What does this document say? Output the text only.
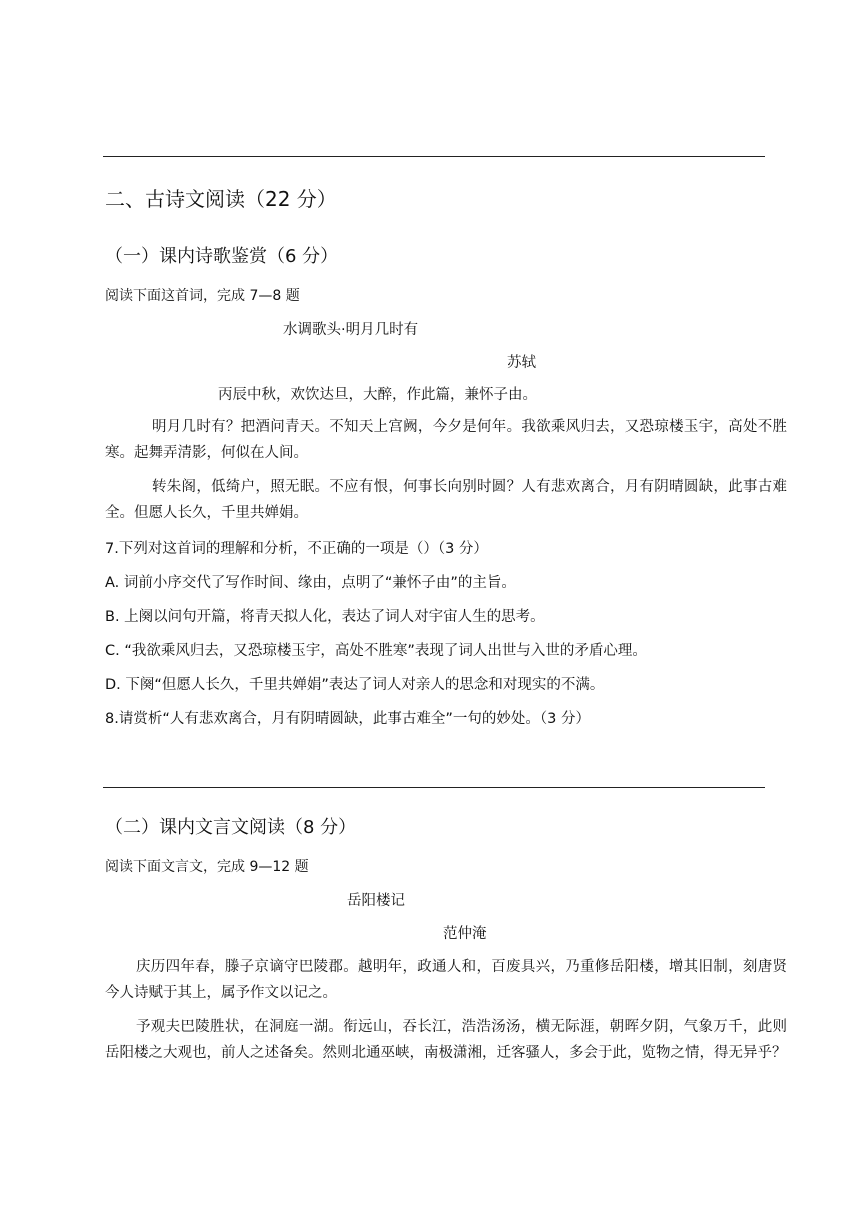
二、古诗文阅读（22 分）
（一）课内诗歌鉴赏（6 分）
阅读下面这首词，完成 7—8 题
水调歌头·明月几时有
苏轼
丙辰中秋，欢饮达旦，大醉，作此篇，兼怀子由。
明月几时有？把酒问青天。不知天上宫阙，今夕是何年。我欲乘风归去，又恐琼楼玉宇，高处不胜寒。起舞弄清影，何似在人间。
转朱阁，低绮户，照无眠。不应有恨，何事长向别时圆？人有悲欢离合，月有阴晴圆缺，此事古难全。但愿人长久，千里共婵娟。
7.下列对这首词的理解和分析，不正确的一项是（）（3 分）
A. 词前小序交代了写作时间、缘由，点明了“兼怀子由”的主旨。
B. 上阕以问句开篇，将青天拟人化，表达了词人对宇宙人生的思考。
C. “我欲乘风归去，又恐琼楼玉宇，高处不胜寒”表现了词人出世与入世的矛盾心理。
D. 下阕“但愿人长久，千里共婵娟”表达了词人对亲人的思念和对现实的不满。
8.请赏析“人有悲欢离合，月有阴晴圆缺，此事古难全”一句的妙处。（3 分）
（二）课内文言文阅读（8 分）
阅读下面文言文，完成 9—12 题
岳阳楼记
范仲淹
庆历四年春，滕子京谪守巴陵郡。越明年，政通人和，百废具兴，乃重修岳阳楼，增其旧制，刻唐贤今人诗赋于其上，属予作文以记之。
予观夫巴陵胜状，在洞庭一湖。衔远山，吞长江，浩浩汤汤，横无际涯，朝晖夕阴，气象万千，此则岳阳楼之大观也，前人之述备矣。然则北通巫峡，南极潇湘，迁客骚人，多会于此，览物之情，得无异乎？
